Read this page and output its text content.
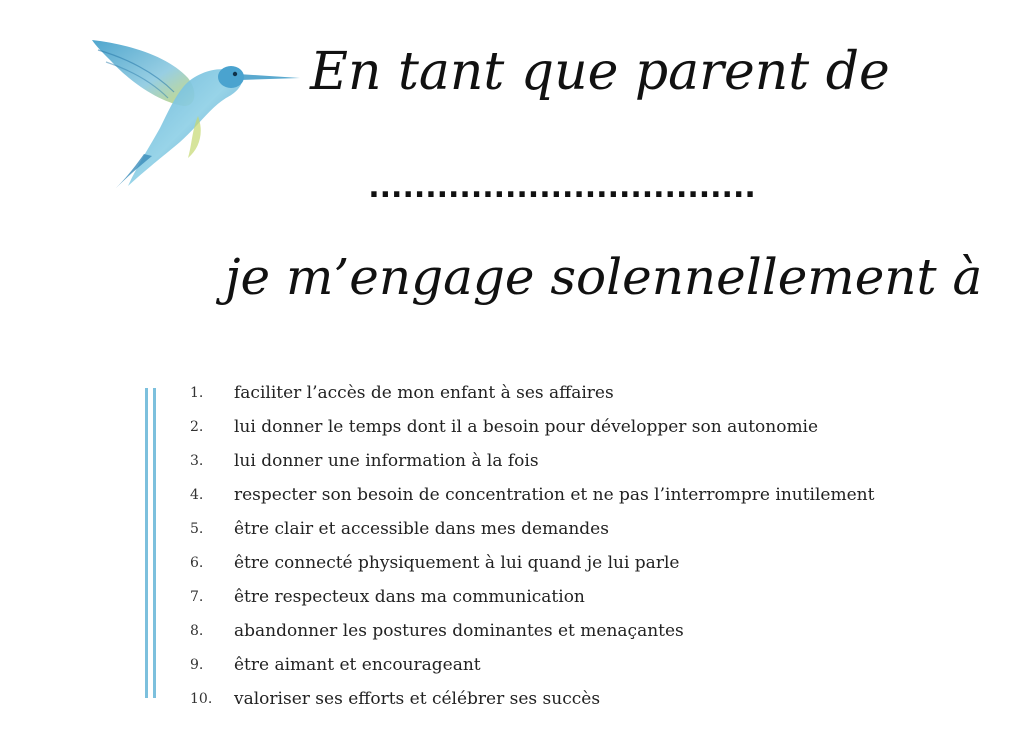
En tant que parent de
..................................
je m’engage solennellement à
1.	faciliter l’accès de mon enfant à ses affaires
2.	lui donner le temps dont il a besoin pour développer son autonomie
3.	lui donner une information à la fois
4.	respecter son besoin de concentration et ne pas l’interrompre inutilement
5.	être clair et accessible dans mes demandes
6.	être connecté physiquement à lui quand je lui parle
7.	être respecteux dans ma communication
8.	abandonner les postures dominantes et menaçantes
9.	être aimant et encourageant
10.	valoriser ses efforts et célébrer ses succès
